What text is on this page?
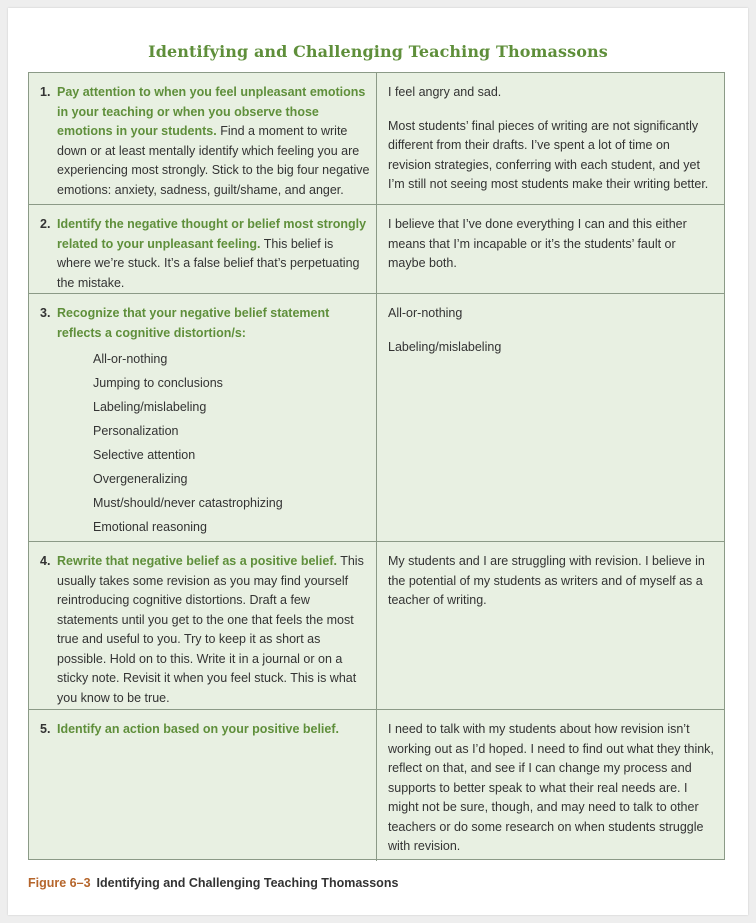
Identifying and Challenging Teaching Thomassons
1. Pay attention to when you feel unpleasant emotions in your teaching or when you observe those emotions in your students. Find a moment to write down or at least mentally identify which feeling you are experiencing most strongly. Stick to the big four negative emotions: anxiety, sadness, guilt/shame, and anger.

I feel angry and sad.

Most students’ final pieces of writing are not significantly different from their drafts. I’ve spent a lot of time on revision strategies, conferring with each student, and yet I’m still not seeing most students make their writing better.

2. Identify the negative thought or belief most strongly related to your unpleasant feeling. This belief is where we’re stuck. It’s a false belief that’s perpetuating the mistake.

I believe that I’ve done everything I can and this either means that I’m incapable or it’s the students’ fault or maybe both.

3. Recognize that your negative belief statement reflects a cognitive distortion/s:
All-or-nothing
Jumping to conclusions
Labeling/mislabeling
Personalization
Selective attention
Overgeneralizing
Must/should/never catastrophizing
Emotional reasoning

All-or-nothing

Labeling/mislabeling

4. Rewrite that negative belief as a positive belief. This usually takes some revision as you may find yourself reintroducing cognitive distortions. Draft a few statements until you get to the one that feels the most true and useful to you. Try to keep it as short as possible. Hold on to this. Write it in a journal or on a sticky note. Revisit it when you feel stuck. This is what you know to be true.

My students and I are struggling with revision. I believe in the potential of my students as writers and of myself as a teacher of writing.

5. Identify an action based on your positive belief.	I need to talk with my students about how revision isn’t working out as I’d hoped. I need to find out what they think, reflect on that, and see if I can change my process and supports to better speak to what their real needs are. I might not be sure, though, and may need to talk to other teachers or do some research on when students struggle with revision.

Figure 6–3 Identifying and Challenging Teaching Thomassons
